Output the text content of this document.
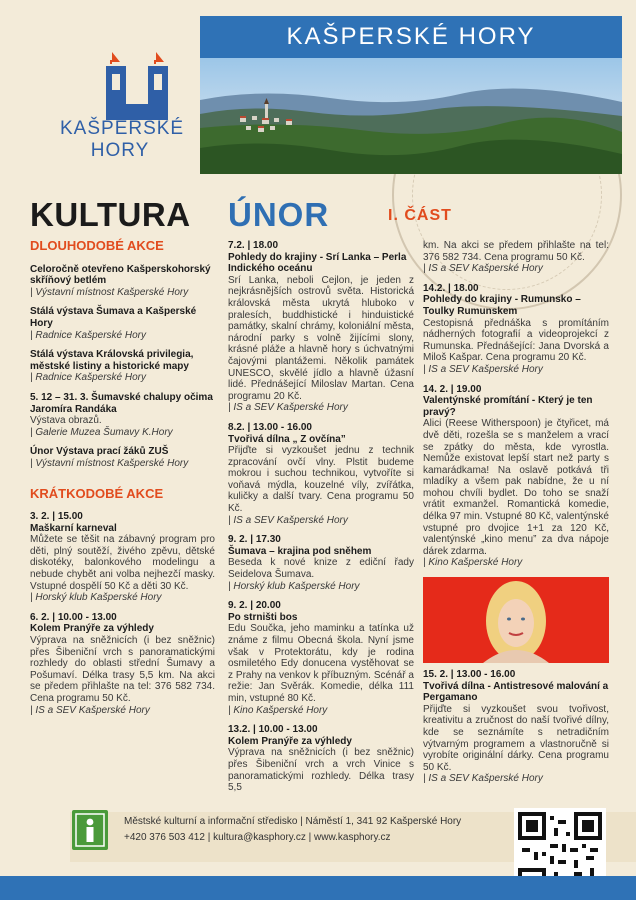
KAŠPERSKÉ
HORY
KAŠPERSKÉ HORY
KULTURA ÚNOR	I. ČÁST
DLOUHODOBÉ AKCE
Celoročně otevřeno Kašperskohorský skříňový betlém
| Výstavní místnost Kašperské Hory
Stálá výstava Šumava a Kašperské Hory
| Radnice Kašperské Hory
Stálá výstava Královská privilegia, městské listiny a historické mapy
| Radnice Kašperské Hory
5. 12 – 31. 3. Šumavské chalupy očima Jaromíra Randáka
Výstava obrazů.
| Galerie Muzea Šumavy K.Hory
Únor Výstava prací žáků ZUŠ
| Výstavní místnost Kašperské Hory
KRÁTKODOBÉ AKCE
3. 2. | 15.00
Maškarní karneval
Můžete se těšit na zábavný program pro děti, plný soutěží, živého zpěvu, dětské diskotéky, balonkového modelingu a nebude chybět ani volba nejhezčí masky. Vstupné dospělí 50 Kč a děti 30 Kč.
| Horský klub Kašperské Hory
6. 2. | 10.00 - 13.00
Kolem Pranýře za výhledy
Výprava na sněžnicích (i bez sněžnic) přes Šibeniční vrch s panoramatickými rozhledy do oblasti střední Šumavy a Pošumaví. Délka trasy 5,5 km. Na akci se předem přihlašte na tel: 376 582 734. Cena programu 50 Kč.
| IS a SEV Kašperské Hory
7.2. | 18.00
Pohledy do krajiny - Srí Lanka – Perla Indického oceánu
Srí Lanka, neboli Cejlon, je jeden z nejkrásnějších ostrovů světa. Historická královská města ukrytá hluboko v pralesích, buddhistické i hinduistické památky, skalní chrámy, koloniální města, národní parky s volně žijícími slony, krásné pláže a hlavně hory s úchvatnými čajovými plantážemi. Několik památek UNESCO, skvělé jídlo a hlavně úžasní lidé. Přednášející Miloslav Martan. Cena programu 20 Kč.
| IS a SEV Kašperské Hory
8.2. | 13.00 - 16.00
Tvořivá dílna „ Z ovčína”
Přijďte si vyzkoušet jednu z technik zpracování ovčí vlny. Plstit budeme mokrou i suchou technikou, vytvoříte si voňavá mýdla, kouzelné víly, zvířátka, kuličky a další tvary. Cena programu 50 Kč.
| IS a SEV Kašperské Hory
9. 2. | 17.30
Šumava – krajina pod sněhem
Beseda k nové knize z ediční řady Seidelova Šumava.
| Horský klub Kašperské Hory
9. 2. | 20.00
Po strništi bos
Edu Součka, jeho maminku a tatínka už známe z filmu Obecná škola. Nyní jsme však v Protektorátu, kdy je rodina osmiletého Edy donucena vystěhovat se z Prahy na venkov k příbuzným. Scénář a režie: Jan Svěrák. Komedie, délka 111 min, vstupné 80 Kč.
| Kino Kašperské Hory
13.2. | 10.00 - 13.00
Kolem Pranýře za výhledy
Výprava na sněžnicích (i bez sněžnic) přes Šibeniční vrch a vrch Vinice s panoramatickými rozhledy. Délka trasy 5,5
km. Na akci se předem přihlašte na tel: 376 582 734. Cena programu 50 Kč.
| IS a SEV Kašperské Hory
14.2. | 18.00
Pohledy do krajiny - Rumunsko – Toulky Rumunskem
Cestopisná přednáška s promítáním nádherných fotografií a videoprojekcí z Rumunska. Přednášející: Jana Dvorská a Miloš Kašpar. Cena programu 20 Kč.
| IS a SEV Kašperské Hory
14. 2. | 19.00
Valentýnské promítání - Který je ten pravý?
Alici (Reese Witherspoon) je čtyřicet, má dvě děti, rozešla se s manželem a vrací se zpátky do města, kde vyrostla. Nemůže existovat lepší start než party s kamarádkama! Na oslavě potkává tři mladíky a všem pak nabídne, že u ní mohou chvíli bydlet. Do toho se snaží vrátit exmanžel. Romantická komedie, délka 97 min. Vstupné 80 Kč, valentýnské vstupné pro dvojice 1+1 za 120 Kč, valentýnské „kino menu” za dva nápoje dárek zdarma.
| Kino Kašperské Hory
15. 2. | 13.00 - 16.00
Tvořivá dílna - Antistresové malování a Pergamano
Přijďte si vyzkoušet svou tvořivost, kreativitu a zručnost do naší tvořivé dílny, kde se seznámíte s netradičním výtvarným programem a vlastnoručně si vyrobíte originální dárky. Cena programu 50 Kč.
| IS a SEV Kašperské Hory
Městské kulturní a informační středisko | Náměstí 1, 341 92 Kašperské Hory
+420 376 503 412 | kultura@kasphory.cz | www.kasphory.cz
